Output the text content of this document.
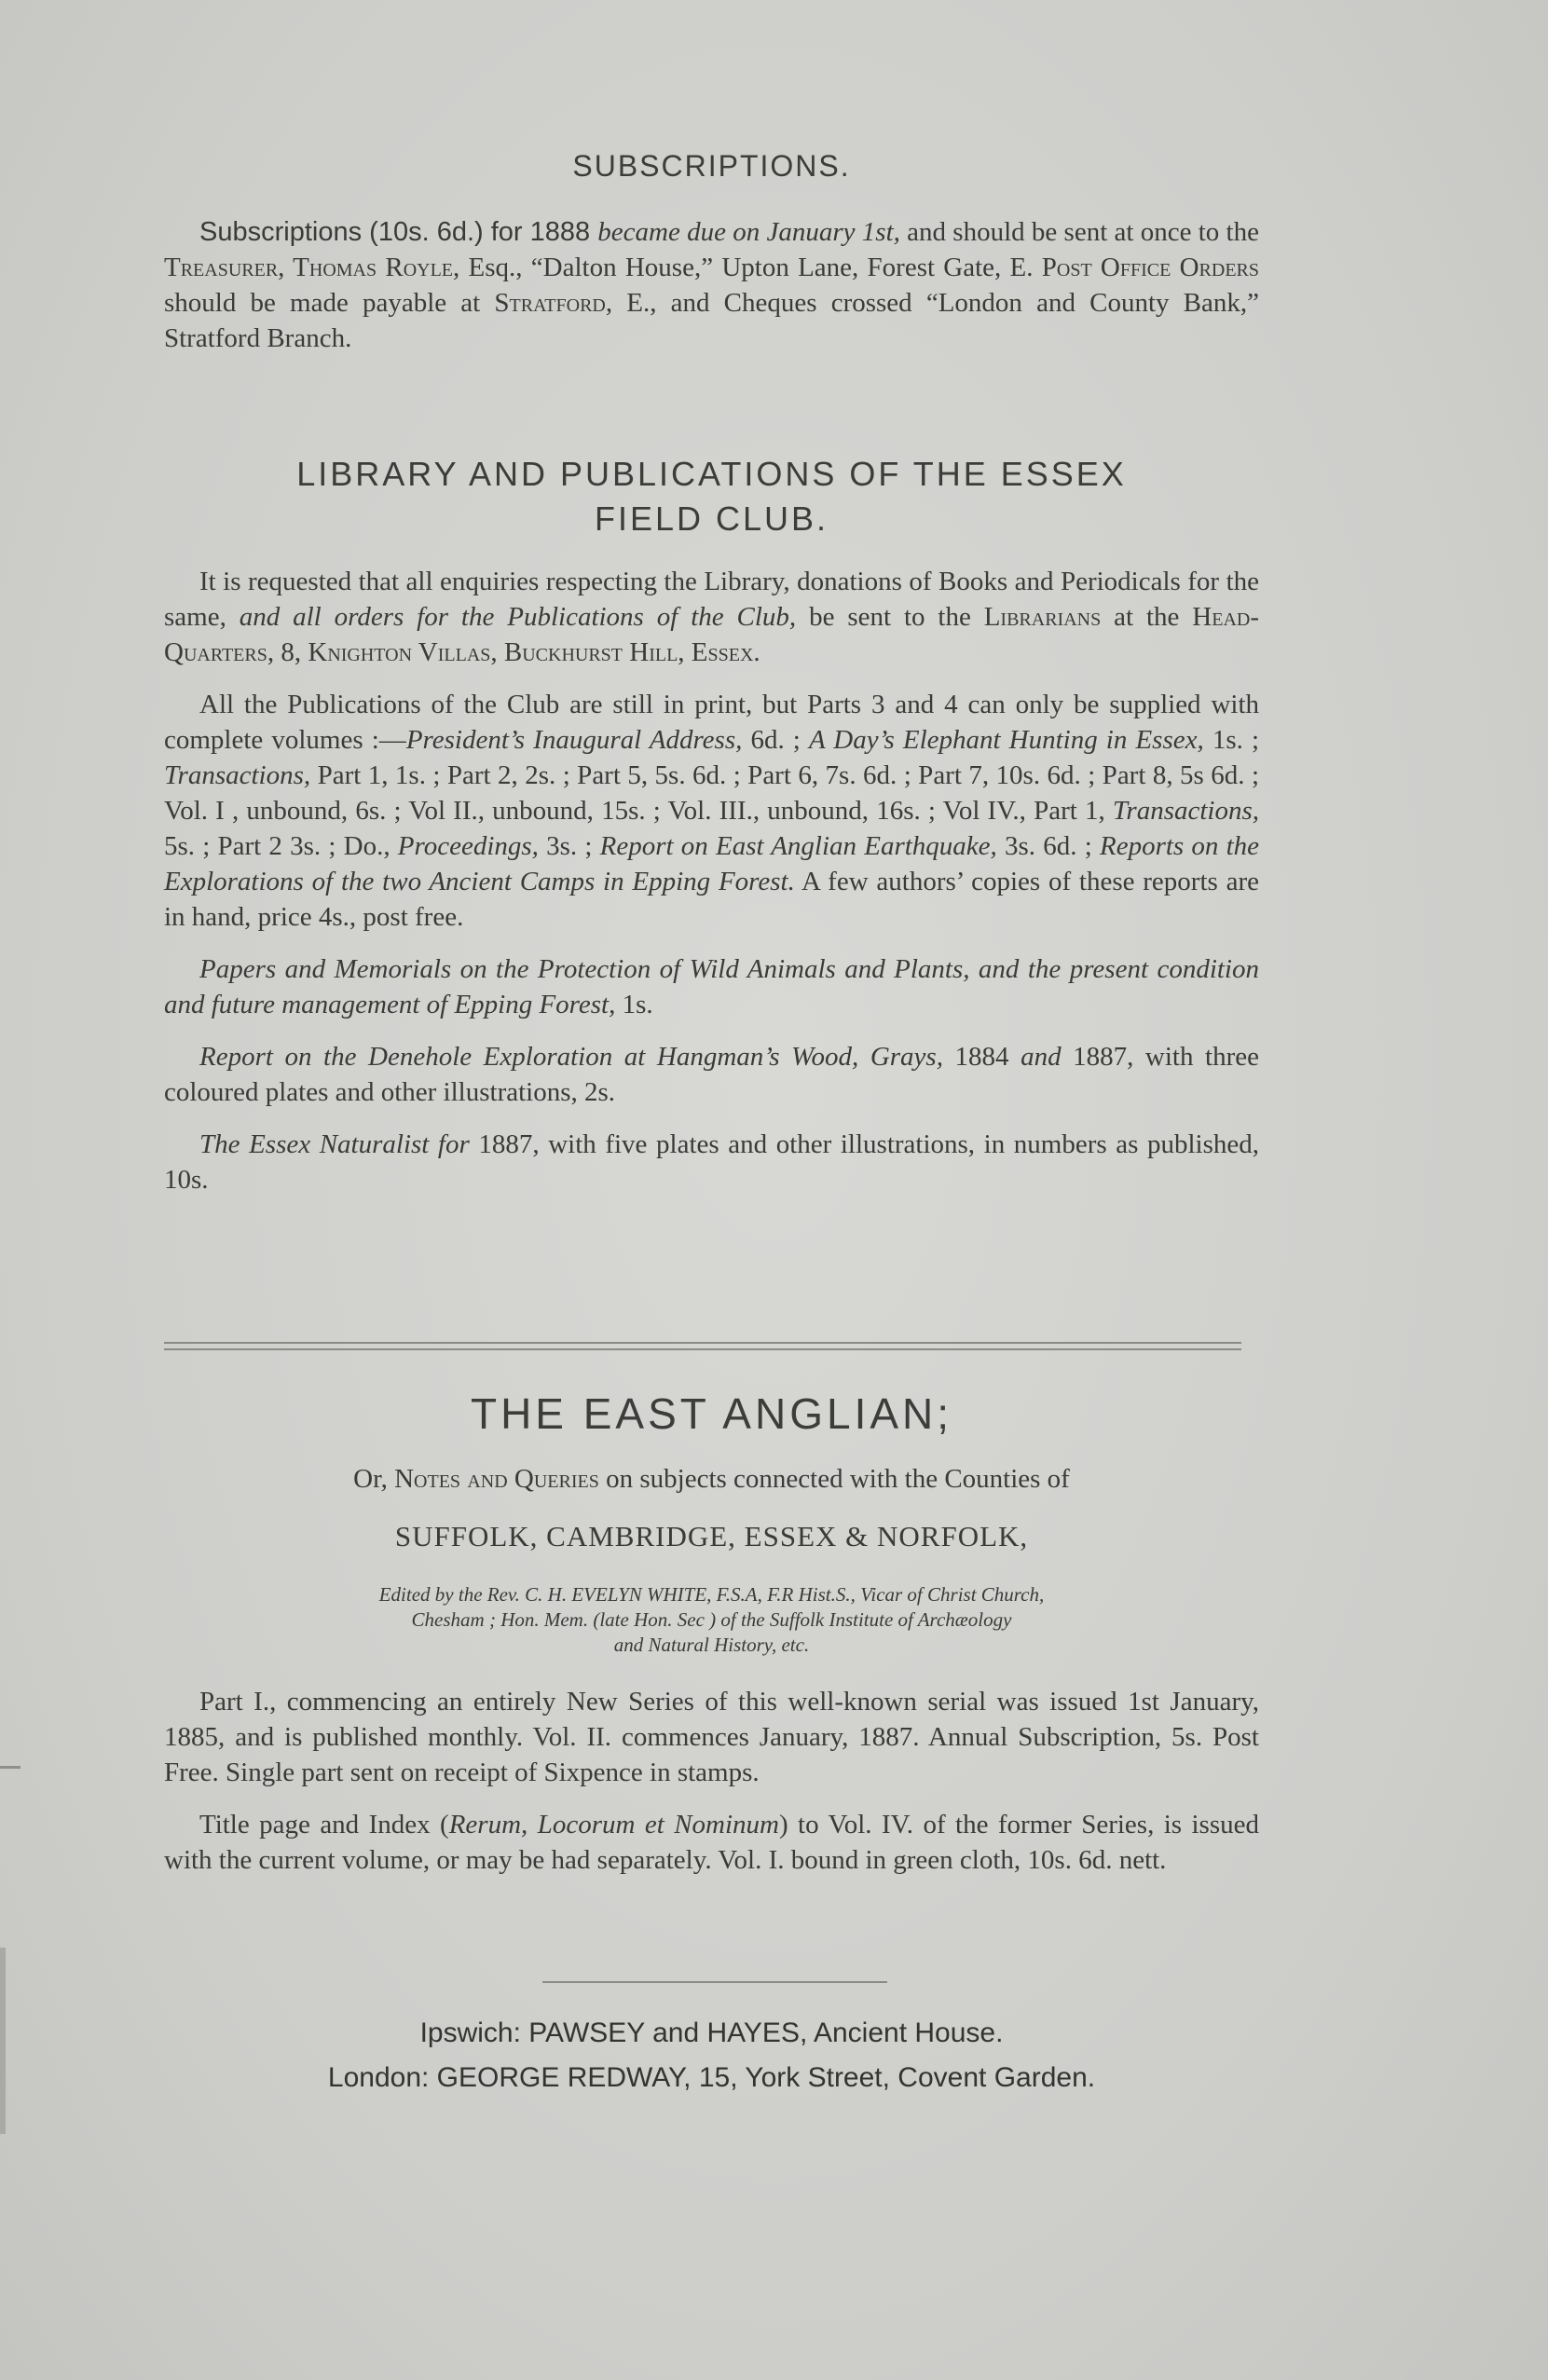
SUBSCRIPTIONS.

Subscriptions (10s. 6d.) for 1888 became due on January 1st, and should be sent at once to the Treasurer, Thomas Royle, Esq., “Dalton House,” Upton Lane, Forest Gate, E. Post Office Orders should be made payable at Stratford, E., and Cheques crossed “London and County Bank,” Stratford Branch.

LIBRARY AND PUBLICATIONS OF THE ESSEX
FIELD CLUB.

It is requested that all enquiries respecting the Library, donations of Books and Periodicals for the same, and all orders for the Publications of the Club, be sent to the Librarians at the Head-Quarters, 8, Knighton Villas, Buckhurst Hill, Essex.

All the Publications of the Club are still in print, but Parts 3 and 4 can only be supplied with complete volumes :—President’s Inaugural Address, 6d. ; A Day’s Elephant Hunting in Essex, 1s. ; Transactions, Part 1, 1s. ; Part 2, 2s. ; Part 5, 5s. 6d. ; Part 6, 7s. 6d. ; Part 7, 10s. 6d. ; Part 8, 5s 6d. ; Vol. I , unbound, 6s. ; Vol II., unbound, 15s. ; Vol. III., unbound, 16s. ; Vol IV., Part 1, Transactions, 5s. ; Part 2 3s. ; Do., Proceedings, 3s. ; Report on East Anglian Earthquake, 3s. 6d. ; Reports on the Explorations of the two Ancient Camps in Epping Forest. A few authors’ copies of these reports are in hand, price 4s., post free.

Papers and Memorials on the Protection of Wild Animals and Plants, and the present condition and future management of Epping Forest, 1s.

Report on the Denehole Exploration at Hangman’s Wood, Grays, 1884 and 1887, with three coloured plates and other illustrations, 2s.

The Essex Naturalist for 1887, with five plates and other illustrations, in numbers as published, 10s.

THE EAST ANGLIAN;

Or, Notes and Queries on subjects connected with the Counties of

SUFFOLK, CAMBRIDGE, ESSEX & NORFOLK,

Edited by the Rev. C. H. EVELYN WHITE, F.S.A, F.R Hist.S., Vicar of Christ Church,
Chesham ; Hon. Mem. (late Hon. Sec ) of the Suffolk Institute of Archæology
and Natural History, etc.

Part I., commencing an entirely New Series of this well-known serial was issued 1st January, 1885, and is published monthly. Vol. II. commences January, 1887. Annual Subscription, 5s. Post Free. Single part sent on receipt of Sixpence in stamps.

Title page and Index (Rerum, Locorum et Nominum) to Vol. IV. of the former Series, is issued with the current volume, or may be had separately. Vol. I. bound in green cloth, 10s. 6d. nett.

Ipswich: PAWSEY and HAYES, Ancient House.
London: GEORGE REDWAY, 15, York Street, Covent Garden.
